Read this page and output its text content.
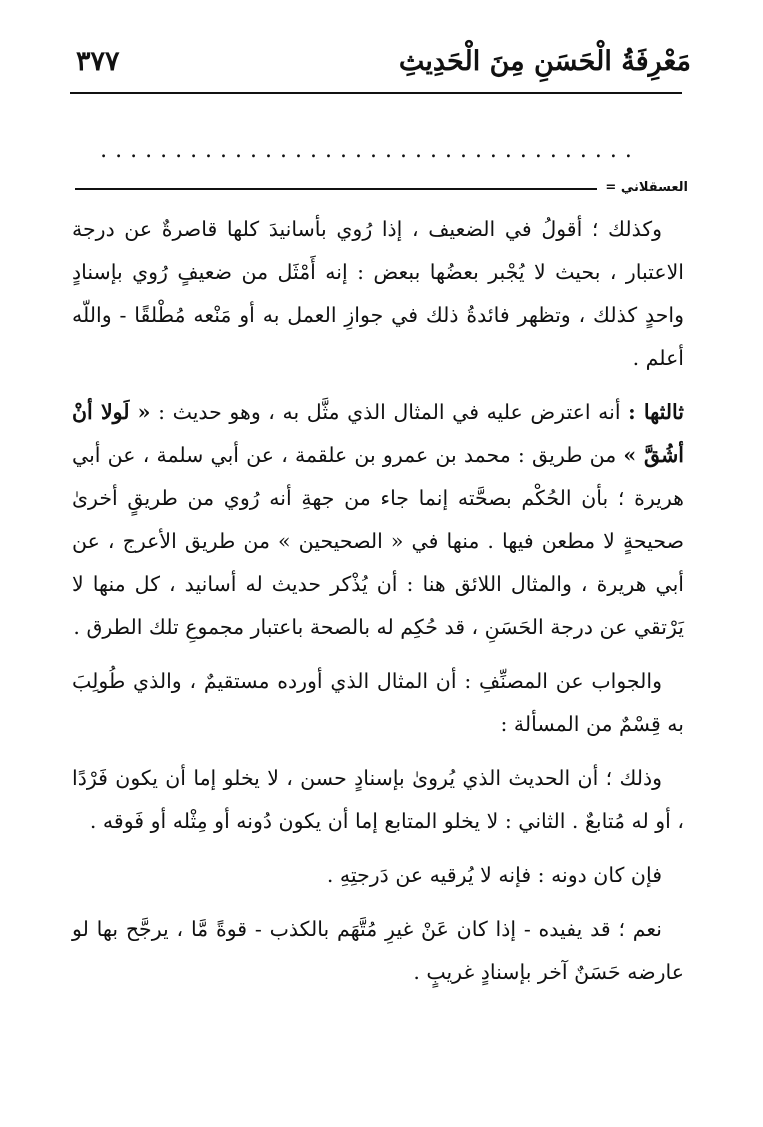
مَعْرِفَةُ الْحَسَنِ مِنَ الْحَدِيثِ
٣٧٧
....................................
العسقلاني =

وكذلك ؛ أقولُ في الضعيف ، إذا رُوي بأسانيدَ كلها قاصرةٌ عن درجة الاعتبار ، بحيث لا يُجْبر بعضُها ببعض : إنه أَمْثَل من ضعيفٍ رُوي بإسنادٍ واحدٍ كذلك ، وتظهر فائدةُ ذلك في جوازِ العمل به أو مَنْعه مُطْلقًا - واللّه أعلم .

ثالثها : أنه اعترض عليه في المثال الذي مثَّل به ، وهو حديث : « لَولا أنْ أشُقَّ » من طريق : محمد بن عمرو بن علقمة ، عن أبي سلمة ، عن أبي هريرة ؛ بأن الحُكْم بصحَّته إنما جاء من جهةِ أنه رُوي من طريقٍ أخرىٰ صحيحةٍ لا مطعن فيها . منها في « الصحيحين » من طريق الأعرج ، عن أبي هريرة ، والمثال اللائق هنا : أن يُذْكر حديث له أسانيد ، كل منها لا يَرْتقي عن درجة الحَسَنِ ، قد حُكِم له بالصحة باعتبار مجموعِ تلك الطرق .

والجواب عن المصنِّفِ : أن المثال الذي أورده مستقيمٌ ، والذي طُولِبَ به قِسْمٌ من المسألة :

وذلك ؛ أن الحديث الذي يُروىٰ بإسنادٍ حسن ، لا يخلو إما أن يكون فَرْدًا ، أو له مُتابعٌ . الثاني : لا يخلو المتابع إما أن يكون دُونه أو مِثْله أو فَوقه .

فإن كان دونه : فإنه لا يُرقيه عن دَرجتِهِ .

نعم ؛ قد يفيده - إذا كان عَنْ غيرِ مُتَّهَم بالكذب - قوةً مَّا ، يرجَّح بها لو عارضه حَسَنٌ آخر بإسنادٍ غريبٍ .
